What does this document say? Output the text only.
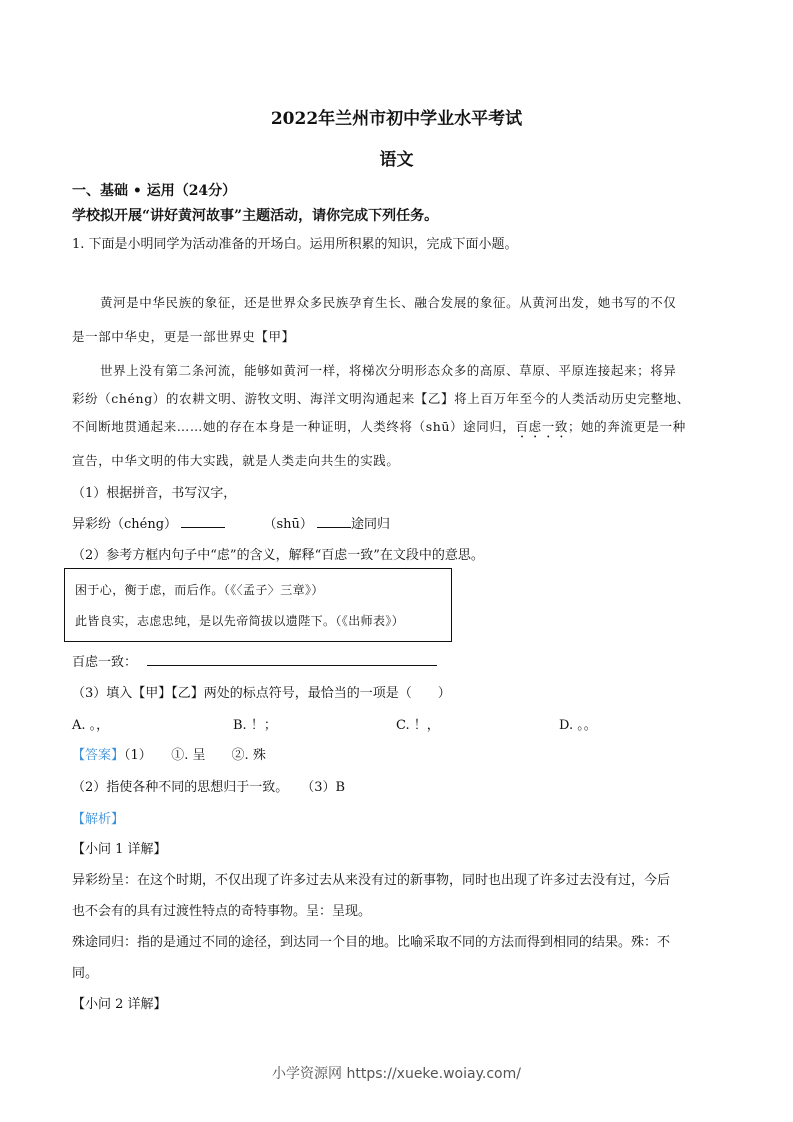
2022年兰州市初中学业水平考试
语文
一、基础 • 运用（24分）
学校拟开展“讲好黄河故事”主题活动，请你完成下列任务。
1. 下面是小明同学为活动准备的开场白。运用所积累的知识，完成下面小题。
黄河是中华民族的象征，还是世界众多民族孕育生长、融合发展的象征。从黄河出发，她书写的不仅
是一部中华史，更是一部世界史【甲】
世界上没有第二条河流，能够如黄河一样，将梯次分明形态众多的高原、草原、平原连接起来；将异
彩纷（chéng）的农耕文明、游牧文明、海洋文明沟通起来【乙】将上百万年至今的人类活动历史完整地、
不间断地贯通起来……她的存在本身是一种证明，人类终将（shū）途同归，百虑一致；她的奔流更是一种
宣告，中华文明的伟大实践，就是人类走向共生的实践。
（1）根据拼音，书写汉字，
异彩纷（chéng）	（shū）	途同归
（2）参考方框内句子中“虑”的含义，解释“百虑一致”在文段中的意思。
困于心，衡于虑，而后作。（《〈孟子〉三章》）
此皆良实，志虑忠纯，是以先帝简拔以遗陛下。（《出师表》）
百虑一致：
（3）填入【甲】【乙】两处的标点符号，最恰当的一项是（　　）
A. 。，	B. ！；	C. ！，	D. 。。
【答案】（1）　　①. 呈　　②. 殊
（2）指使各种不同的思想归于一致。　　（3）B
【解析】
【小问 1 详解】
异彩纷呈：在这个时期，不仅出现了许多过去从来没有过的新事物，同时也出现了许多过去没有过，今后
也不会有的具有过渡性特点的奇特事物。呈：呈现。
殊途同归：指的是通过不同的途径，到达同一个目的地。比喻采取不同的方法而得到相同的结果。殊：不
同。
【小问 2 详解】
小学资源网 https://xueke.woiay.com/
